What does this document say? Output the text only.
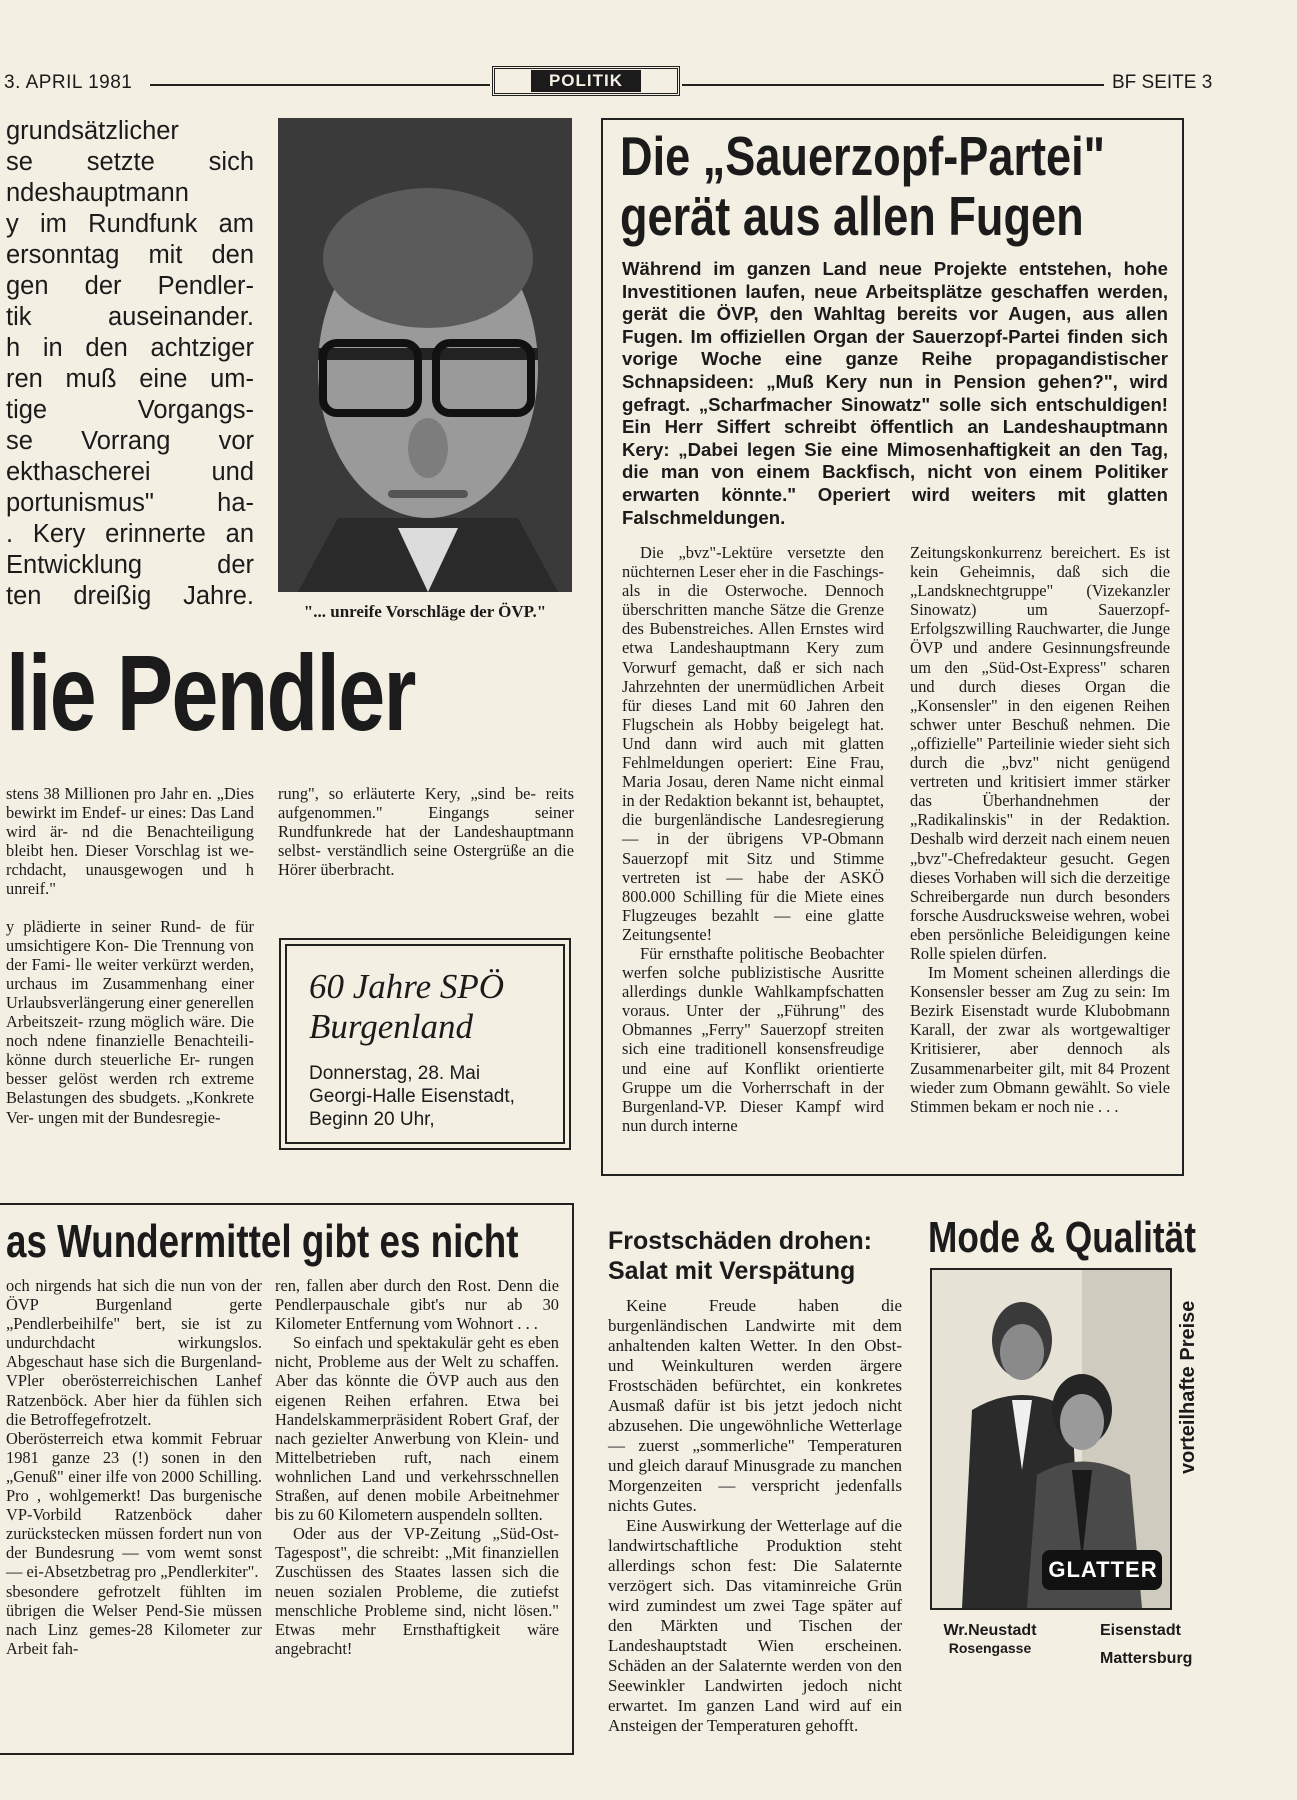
3. APRIL 1981	POLITIK	BF SEITE 3
grundsätzlicher
se setzte sich
ndeshauptmann
y im Rundfunk am
ersonntag mit den
gen der Pendler-
tik auseinander.
h in den achtziger
ren muß eine um-
tige Vorgangs-
se Vorrang vor
ekthascherei und
portunismus" ha-
. Kery erinnerte an
Entwicklung der
ten dreißig Jahre.
"... unreife Vorschläge der ÖVP."
Die „Sauerzopf-Partei"
gerät aus allen Fugen
Während im ganzen Land neue Projekte entstehen, hohe Investitionen laufen, neue Arbeitsplätze geschaffen werden, gerät die ÖVP, den Wahltag bereits vor Augen, aus allen Fugen. Im offiziellen Organ der Sauerzopf-Partei finden sich vorige Woche eine ganze Reihe propagandistischer Schnapsideen: „Muß Kery nun in Pension gehen?", wird gefragt. „Scharfmacher Sinowatz" solle sich entschuldigen! Ein Herr Siffert schreibt öffentlich an Landeshauptmann Kery: „Dabei legen Sie eine Mimosenhaftigkeit an den Tag, die man von einem Backfisch, nicht von einem Politiker erwarten könnte." Operiert wird weiters mit glatten Falschmeldungen.

Die „bvz"-Lektüre versetzte den nüchternen Leser eher in die Faschings- als in die Osterwoche. Dennoch überschritten manche Sätze die Grenze des Bubenstreiches. Allen Ernstes wird etwa Landeshauptmann Kery zum Vorwurf gemacht, daß er sich nach Jahrzehnten der unermüdlichen Arbeit für dieses Land mit 60 Jahren den Flugschein als Hobby beigelegt hat. Und dann wird auch mit glatten Fehlmeldungen operiert: Eine Frau, Maria Josau, deren Name nicht einmal in der Redaktion bekannt ist, behauptet, die burgenländische Landesregierung — in der übrigens VP-Obmann Sauerzopf mit Sitz und Stimme vertreten ist — habe der ASKÖ 800.000 Schilling für die Miete eines Flugzeuges bezahlt — eine glatte Zeitungsente!

Für ernsthafte politische Beobachter werfen solche publizistische Ausritte allerdings dunkle Wahlkampfschatten voraus. Unter der „Führung" des Obmannes „Ferry" Sauerzopf streiten sich eine traditionell konsensfreudige und eine auf Konflikt orientierte Gruppe um die Vorherrschaft in der Burgenland-VP. Dieser Kampf wird nun durch interne

Zeitungskonkurrenz bereichert. Es ist kein Geheimnis, daß sich die „Landsknechtgruppe" (Vizekanzler Sinowatz) um Sauerzopf-Erfolgszwilling Rauchwarter, die Junge ÖVP und andere Gesinnungsfreunde um den „Süd-Ost-Express" scharen und durch dieses Organ die „Konsensler" in den eigenen Reihen schwer unter Beschuß nehmen. Die „offizielle" Parteilinie wieder sieht sich durch die „bvz" nicht genügend vertreten und kritisiert immer stärker das Überhandnehmen der „Radikalinskis" in der Redaktion. Deshalb wird derzeit nach einem neuen „bvz"-Chefredakteur gesucht. Gegen dieses Vorhaben will sich die derzeitige Schreibergarde nun durch besonders forsche Ausdrucksweise wehren, wobei eben persönliche Beleidigungen keine Rolle spielen dürfen.

Im Moment scheinen allerdings die Konsensler besser am Zug zu sein: Im Bezirk Eisenstadt wurde Klubobmann Karall, der zwar als wortgewaltiger Kritisierer, aber dennoch als Zusammenarbeiter gilt, mit 84 Prozent wieder zum Obmann gewählt. So viele Stimmen bekam er noch nie . . .

lie Pendler

stens 38 Millionen pro Jahr en. „Dies bewirkt im Endef- ur eines: Das Land wird är- nd die Benachteiligung bleibt hen. Dieser Vorschlag ist we- rchdacht, unausgewogen und h unreif."

y plädierte in seiner Rund- de für umsichtigere Kon- Die Trennung von der Fami- lle weiter verkürzt werden, urchaus im Zusammenhang einer Urlaubsverlängerung einer generellen Arbeitszeit- rzung möglich wäre. Die noch ndene finanzielle Benachteili- könne durch steuerliche Er- rungen besser gelöst werden rch extreme Belastungen des sbudgets. „Konkrete Ver- ungen mit der Bundesregie-

rung", so erläuterte Kery, „sind be- reits aufgenommen." Eingangs seiner Rundfunkrede hat der Landeshauptmann selbst- verständlich seine Ostergrüße an die Hörer überbracht.
60 Jahre SPÖ
Burgenland
Donnerstag, 28. Mai
Georgi-Halle Eisenstadt,
Beginn 20 Uhr,
as Wundermittel gibt es nicht

och nirgends hat sich die nun von der ÖVP Burgenland gerte „Pendlerbeihilfe" bert, sie ist zu undurchdacht wirkungslos. Abgeschaut hase sich die Burgenland-VPler oberösterreichischen Lanhef Ratzenböck. Aber hier da fühlen sich die Betroffegefrotzelt.

Oberösterreich etwa kommit Februar 1981 ganze 23 (!) sonen in den „Genuß" einer ilfe von 2000 Schilling. Pro , wohlgemerkt! Das burgenische VP-Vorbild Ratzenböck daher zurückstecken müssen fordert nun von der Bundesrung — vom wemt sonst — ei-Absetzbetrag pro „Pendlerkiter".

sbesondere gefrotzelt fühlten im übrigen die Welser Pend-Sie müssen nach Linz gemes-28 Kilometer zur Arbeit fah-

ren, fallen aber durch den Rost. Denn die Pendlerpauschale gibt's nur ab 30 Kilometer Entfernung vom Wohnort . . .

So einfach und spektakulär geht es eben nicht, Probleme aus der Welt zu schaffen. Aber das könnte die ÖVP auch aus den eigenen Reihen erfahren. Etwa bei Handelskammerpräsident Robert Graf, der nach gezielter Anwerbung von Klein- und Mittelbetrieben ruft, nach einem wohnlichen Land und verkehrsschnellen Straßen, auf denen mobile Arbeitnehmer bis zu 60 Kilometern auspendeln sollten.

Oder aus der VP-Zeitung „Süd-Ost-Tagespost", die schreibt: „Mit finanziellen Zuschüssen des Staates lassen sich die neuen sozialen Probleme, die zutiefst menschliche Probleme sind, nicht lösen." Etwas mehr Ernsthaftigkeit wäre angebracht!

Frostschäden drohen:
Salat mit Verspätung

Keine Freude haben die burgenländischen Landwirte mit dem anhaltenden kalten Wetter. In den Obst- und Weinkulturen werden ärgere Frostschäden befürchtet, ein konkretes Ausmaß dafür ist bis jetzt jedoch nicht abzusehen. Die ungewöhnliche Wetterlage — zuerst „sommerliche" Temperaturen und gleich darauf Minusgrade zu manchen Morgenzeiten — verspricht jedenfalls nichts Gutes.

Eine Auswirkung der Wetterlage auf die landwirtschaftliche Produktion steht allerdings schon fest: Die Salaternte verzögert sich. Das vitaminreiche Grün wird zumindest um zwei Tage später auf den Märkten und Tischen der Landeshauptstadt Wien erscheinen. Schäden an der Salaternte werden von den Seewinkler Landwirten jedoch nicht erwartet. Im ganzen Land wird auf ein Ansteigen der Temperaturen gehofft.

Mode & Qualität
GLATTER
vorteilhafte Preise
Wr.Neustadt
Rosengasse
Eisenstadt
Mattersburg
